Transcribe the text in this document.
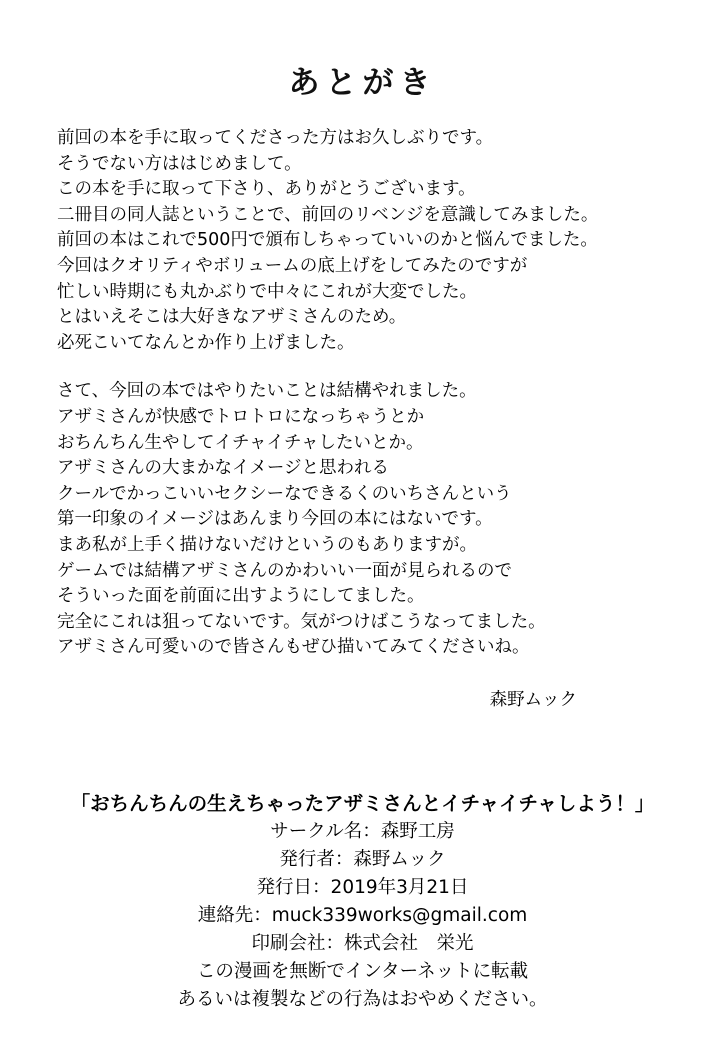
あとがき
前回の本を手に取ってくださった方はお久しぶりです。
そうでない方ははじめまして。
この本を手に取って下さり、ありがとうございます。
二冊目の同人誌ということで、前回のリベンジを意識してみました。
前回の本はこれで500円で頒布しちゃっていいのかと悩んでました。
今回はクオリティやボリュームの底上げをしてみたのですが
忙しい時期にも丸かぶりで中々にこれが大変でした。
とはいえそこは大好きなアザミさんのため。
必死こいてなんとか作り上げました。
さて、今回の本ではやりたいことは結構やれました。
アザミさんが快感でトロトロになっちゃうとか
おちんちん生やしてイチャイチャしたいとか。
アザミさんの大まかなイメージと思われる
クールでかっこいいセクシーなできるくのいちさんという
第一印象のイメージはあんまり今回の本にはないです。
まあ私が上手く描けないだけというのもありますが。
ゲームでは結構アザミさんのかわいい一面が見られるので
そういった面を前面に出すようにしてました。
完全にこれは狙ってないです。気がつけばこうなってました。
アザミさん可愛いので皆さんもぜひ描いてみてくださいね。
森野ムック
「おちんちんの生えちゃったアザミさんとイチャイチャしよう！」
サークル名：森野工房
発行者：森野ムック
発行日：2019年3月21日
連絡先：muck339works@gmail.com
印刷会社：株式会社　栄光
この漫画を無断でインターネットに転載
あるいは複製などの行為はおやめください。
